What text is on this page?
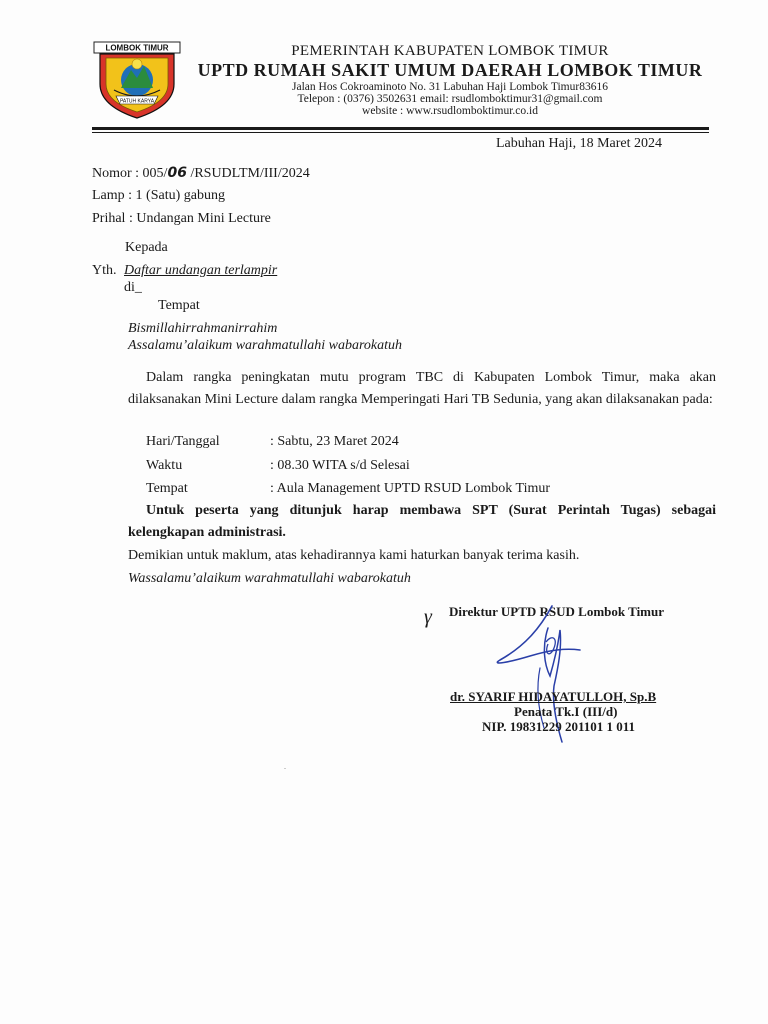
LOMBOK TIMUR
PATUH KARYA
PEMERINTAH KABUPATEN LOMBOK TIMUR
UPTD RUMAH SAKIT UMUM DAERAH LOMBOK TIMUR
Jalan Hos Cokroaminoto No. 31 Labuhan Haji Lombok Timur83616
Telepon : (0376) 3502631 email: rsudlomboktimur31@gmail.com
website : www.rsudlomboktimur.co.id
Labuhan Haji, 18 Maret 2024
Nomor : 005/06 /RSUDLTM/III/2024
Lamp : 1 (Satu) gabung
Prihal : Undangan Mini Lecture
Kepada
Yth. Daftar undangan terlampir
di_
Tempat
Bismillahirrahmanirrahim
Assalamu’alaikum warahmatullahi wabarokatuh
Dalam rangka peningkatan mutu program TBC di Kabupaten Lombok Timur, maka akan dilaksanakan Mini Lecture dalam rangka Memperingati Hari TB Sedunia, yang akan dilaksanakan pada:
Hari/Tanggal	: Sabtu, 23 Maret 2024
Waktu	: 08.30 WITA s/d Selesai
Tempat	: Aula Management UPTD RSUD Lombok Timur
Untuk peserta yang ditunjuk harap membawa SPT (Surat Perintah Tugas) sebagai
kelengkapan administrasi.
Demikian untuk maklum, atas kehadirannya kami haturkan banyak terima kasih.
Wassalamu’alaikum warahmatullahi wabarokatuh
γ Direktur UPTD RSUD Lombok Timur
dr. SYARIF HIDAYATULLOH, Sp.B
Penata Tk.I (III/d)
NIP. 19831229 201101 1 011
